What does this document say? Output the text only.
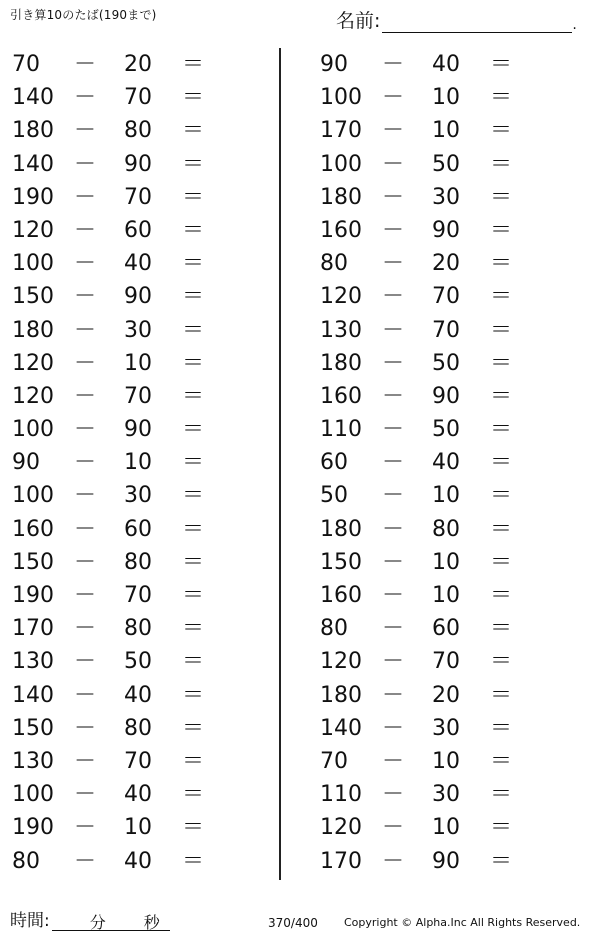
引き算10のたば(190まで)	名前:	.
70	－ 20 ＝
140 － 70 ＝
180 － 80 ＝
140 － 90 ＝
190 － 70 ＝
120 － 60 ＝
100 － 40 ＝
150 － 90 ＝
180 － 30 ＝
120 － 10 ＝
120 － 70 ＝
100 － 90 ＝
90	－ 10 ＝
100 － 30 ＝
160 － 60 ＝
150 － 80 ＝
190 － 70 ＝
170 － 80 ＝
130 － 50 ＝
140 － 40 ＝
150 － 80 ＝
130 － 70 ＝
100 － 40 ＝
190 － 10 ＝
80	－ 40 ＝
90	－ 40 ＝
100 － 10 ＝
170 － 10 ＝
100 － 50 ＝
180 － 30 ＝
160 － 90 ＝
80	－ 20 ＝
120 － 70 ＝
130 － 70 ＝
180 － 50 ＝
160 － 90 ＝
110 － 50 ＝
60	－ 40 ＝
50	－ 10 ＝
180 － 80 ＝
150 － 10 ＝
160 － 10 ＝
80	－ 60 ＝
120 － 70 ＝
180 － 20 ＝
140 － 30 ＝
70	－ 10 ＝
110 － 30 ＝
120 － 10 ＝
170 － 90 ＝
時間:	分 秒	370/400 Copyright © Alpha.Inc All Rights Reserved.
